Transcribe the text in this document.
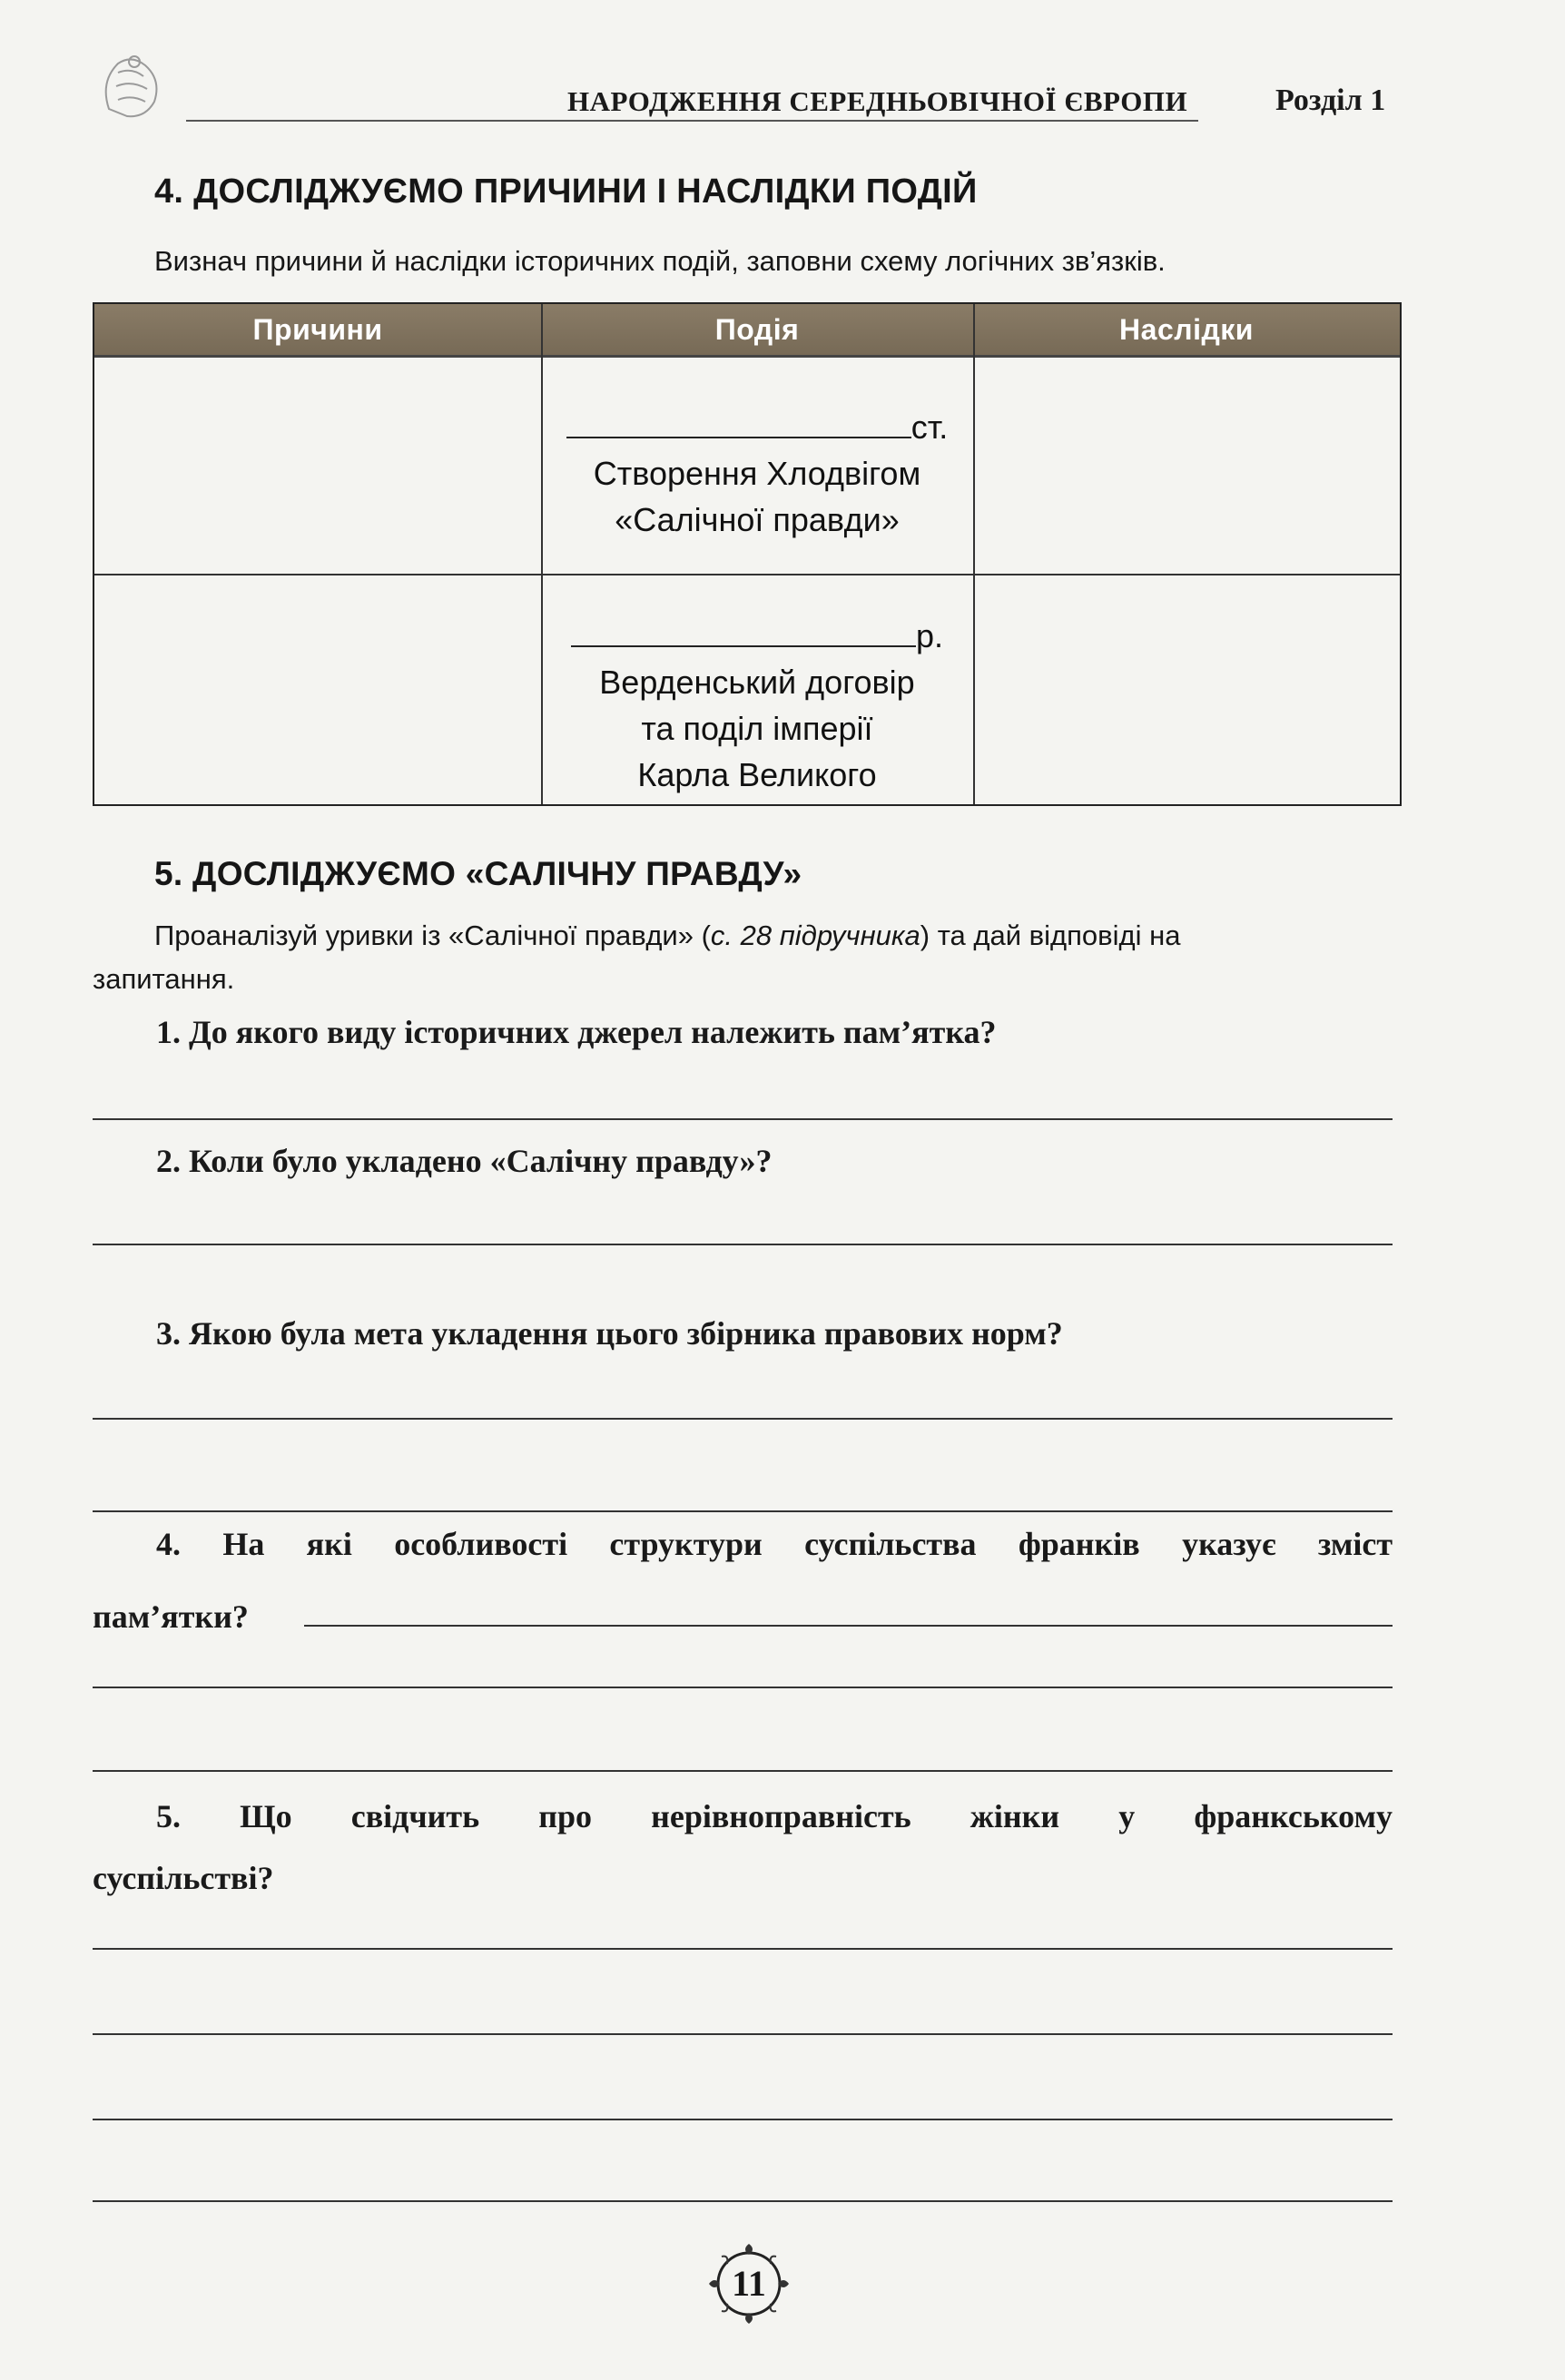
НАРОДЖЕННЯ СЕРЕДНЬОВІЧНОЇ ЄВРОПИ	Розділ 1
4. ДОСЛІДЖУЄМО ПРИЧИНИ І НАСЛІДКИ ПОДІЙ
Визнач причини й наслідки історичних подій, заповни схему логічних зв’язків.
Причини	Подія	Наслідки
ст.
Створення Хлодвігом
«Салічної правди»
р.
Верденський договір
та поділ імперії
Карла Великого
5. ДОСЛІДЖУЄМО «САЛІЧНУ ПРАВДУ»
Проаналізуй уривки із «Салічної правди» (с. 28 підручника) та дай відповіді на
запитання.
1. До якого виду історичних джерел належить пам’ятка?
2. Коли було укладено «Салічну правду»?
3. Якою була мета укладення цього збірника правових норм?
4. На які особливості структури суспільства франків указує зміст
пам’ятки?
5. Що свідчить про нерівноправність жінки у франкському
суспільстві?
11
